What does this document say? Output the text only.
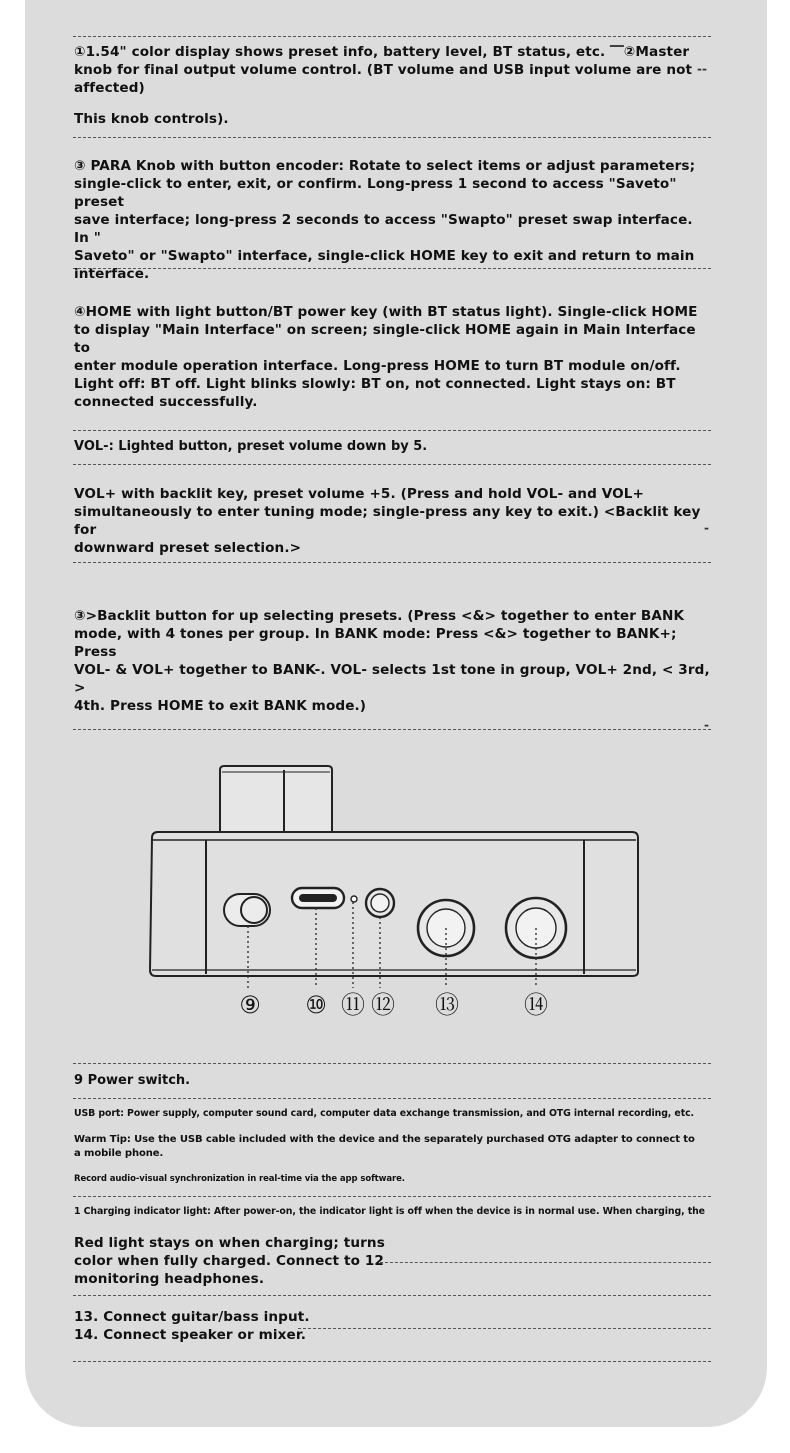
①1.54" color display shows preset info, battery level, BT status, etc. ⎺②Master
knob for final output volume control. (BT volume and USB input volume are not
affected)
--
This knob controls).
③ PARA Knob with button encoder: Rotate to select items or adjust parameters;
single-click to enter, exit, or confirm. Long-press 1 second to access "Saveto" preset
save interface; long-press 2 seconds to access "Swapto" preset swap interface. In "
Saveto" or "Swapto" interface, single-click HOME key to exit and return to main
interface.
④HOME with light button/BT power key (with BT status light). Single-click HOME
to display "Main Interface" on screen; single-click HOME again in Main Interface to
enter module operation interface. Long-press HOME to turn BT module on/off.
Light off: BT off. Light blinks slowly: BT on, not connected. Light stays on: BT
connected successfully.
VOL-: Lighted button, preset volume down by 5.
VOL+ with backlit key, preset volume +5. (Press and hold VOL- and VOL+
simultaneously to enter tuning mode; single-press any key to exit.) <Backlit key for
downward preset selection.>
-
③>Backlit button for up selecting presets. (Press <&> together to enter BANK
mode, with 4 tones per group. In BANK mode: Press <&> together to BANK+; Press
VOL- & VOL+ together to BANK-. VOL- selects 1st tone in group, VOL+ 2nd, < 3rd, >
4th. Press HOME to exit BANK mode.)
-
⑨ ⑩ ⑪ ⑫ ⑬	⑭
9 Power switch.
USB port: Power supply, computer sound card, computer data exchange transmission, and OTG internal recording, etc.
Warm Tip: Use the USB cable included with the device and the separately purchased OTG adapter to connect to
a mobile phone.
Record audio-visual synchronization in real-time via the app software.
1 Charging indicator light: After power-on, the indicator light is off when the device is in normal use. When charging, the
Red light stays on when charging; turns
color when fully charged. Connect to 12
monitoring headphones.
13. Connect guitar/bass input.
14. Connect speaker or mixer.
